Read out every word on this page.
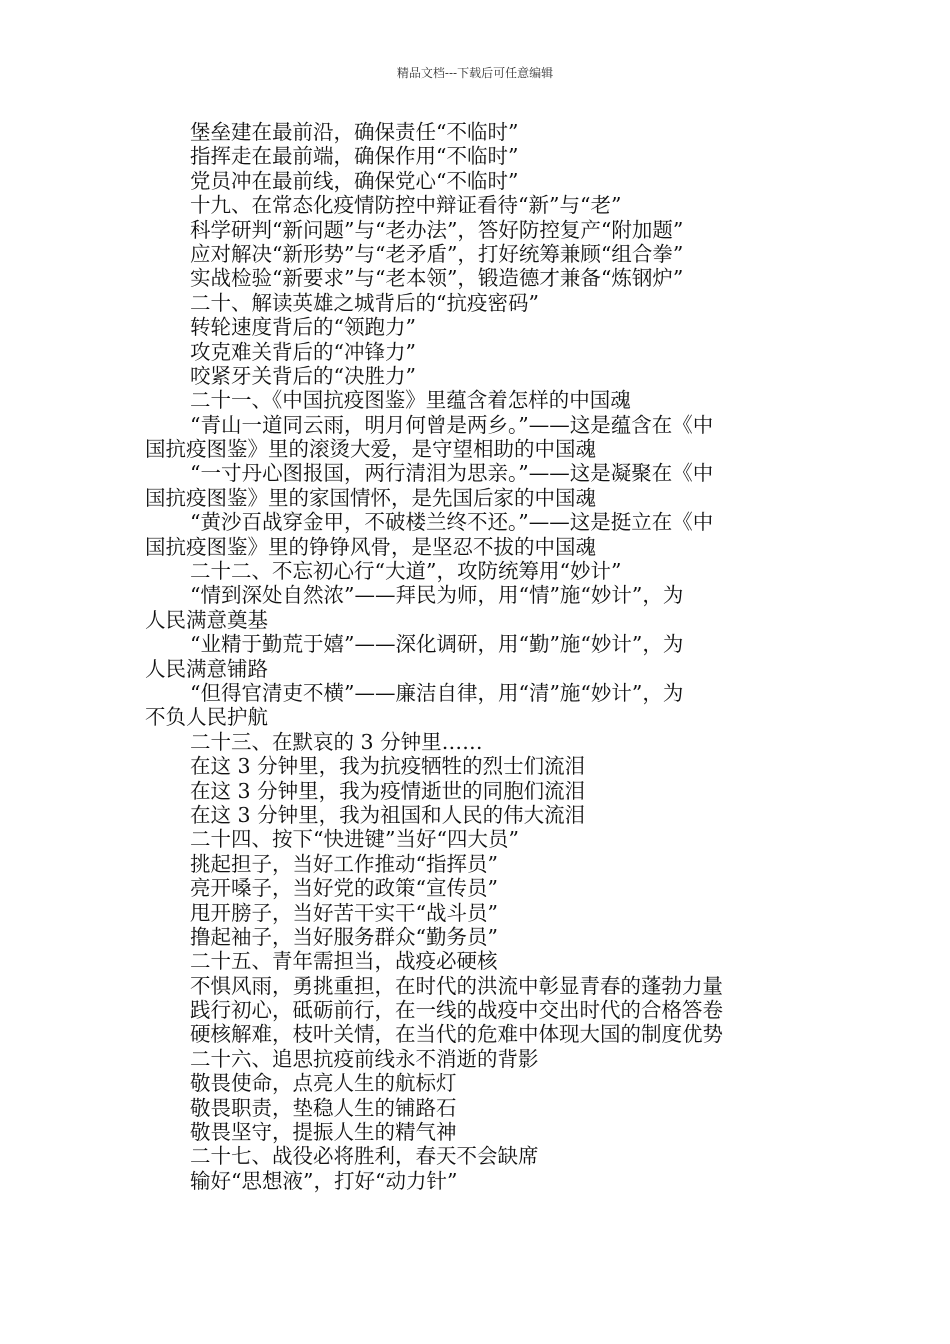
精品文档---下载后可任意编辑
堡垒建在最前沿，确保责任“不临时”
指挥走在最前端，确保作用“不临时”
党员冲在最前线，确保党心“不临时”
十九、在常态化疫情防控中辩证看待“新”与“老”
科学研判“新问题”与“老办法”，答好防控复产“附加题”
应对解决“新形势”与“老矛盾”，打好统筹兼顾“组合拳”
实战检验“新要求”与“老本领”，锻造德才兼备“炼钢炉”
二十、解读英雄之城背后的“抗疫密码”
转轮速度背后的“领跑力”
攻克难关背后的“冲锋力”
咬紧牙关背后的“决胜力”
二十一、《中国抗疫图鉴》里蕴含着怎样的中国魂
“青山一道同云雨，明月何曾是两乡。”——这是蕴含在《中
国抗疫图鉴》里的滚烫大爱，是守望相助的中国魂
“一寸丹心图报国，两行清泪为思亲。”——这是凝聚在《中
国抗疫图鉴》里的家国情怀，是先国后家的中国魂
“黄沙百战穿金甲，不破楼兰终不还。”——这是挺立在《中
国抗疫图鉴》里的铮铮风骨，是坚忍不拔的中国魂
二十二、不忘初心行“大道”，攻防统筹用“妙计”
“情到深处自然浓”——拜民为师，用“情”施“妙计”，为
人民满意奠基
“业精于勤荒于嬉”——深化调研，用“勤”施“妙计”，为
人民满意铺路
“但得官清吏不横”——廉洁自律，用“清”施“妙计”，为
不负人民护航
二十三、在默哀的 3 分钟里……
在这 3 分钟里，我为抗疫牺牲的烈士们流泪
在这 3 分钟里，我为疫情逝世的同胞们流泪
在这 3 分钟里，我为祖国和人民的伟大流泪
二十四、按下“快进键”当好“四大员”
挑起担子，当好工作推动“指挥员”
亮开嗓子，当好党的政策“宣传员”
甩开膀子，当好苦干实干“战斗员”
撸起袖子，当好服务群众“勤务员”
二十五、青年需担当，战疫必硬核
不惧风雨，勇挑重担，在时代的洪流中彰显青春的蓬勃力量
践行初心，砥砺前行，在一线的战疫中交出时代的合格答卷
硬核解难，枝叶关情，在当代的危难中体现大国的制度优势
二十六、追思抗疫前线永不消逝的背影
敬畏使命，点亮人生的航标灯
敬畏职责，垫稳人生的铺路石
敬畏坚守，提振人生的精气神
二十七、战役必将胜利，春天不会缺席
输好“思想液”，打好“动力针”
